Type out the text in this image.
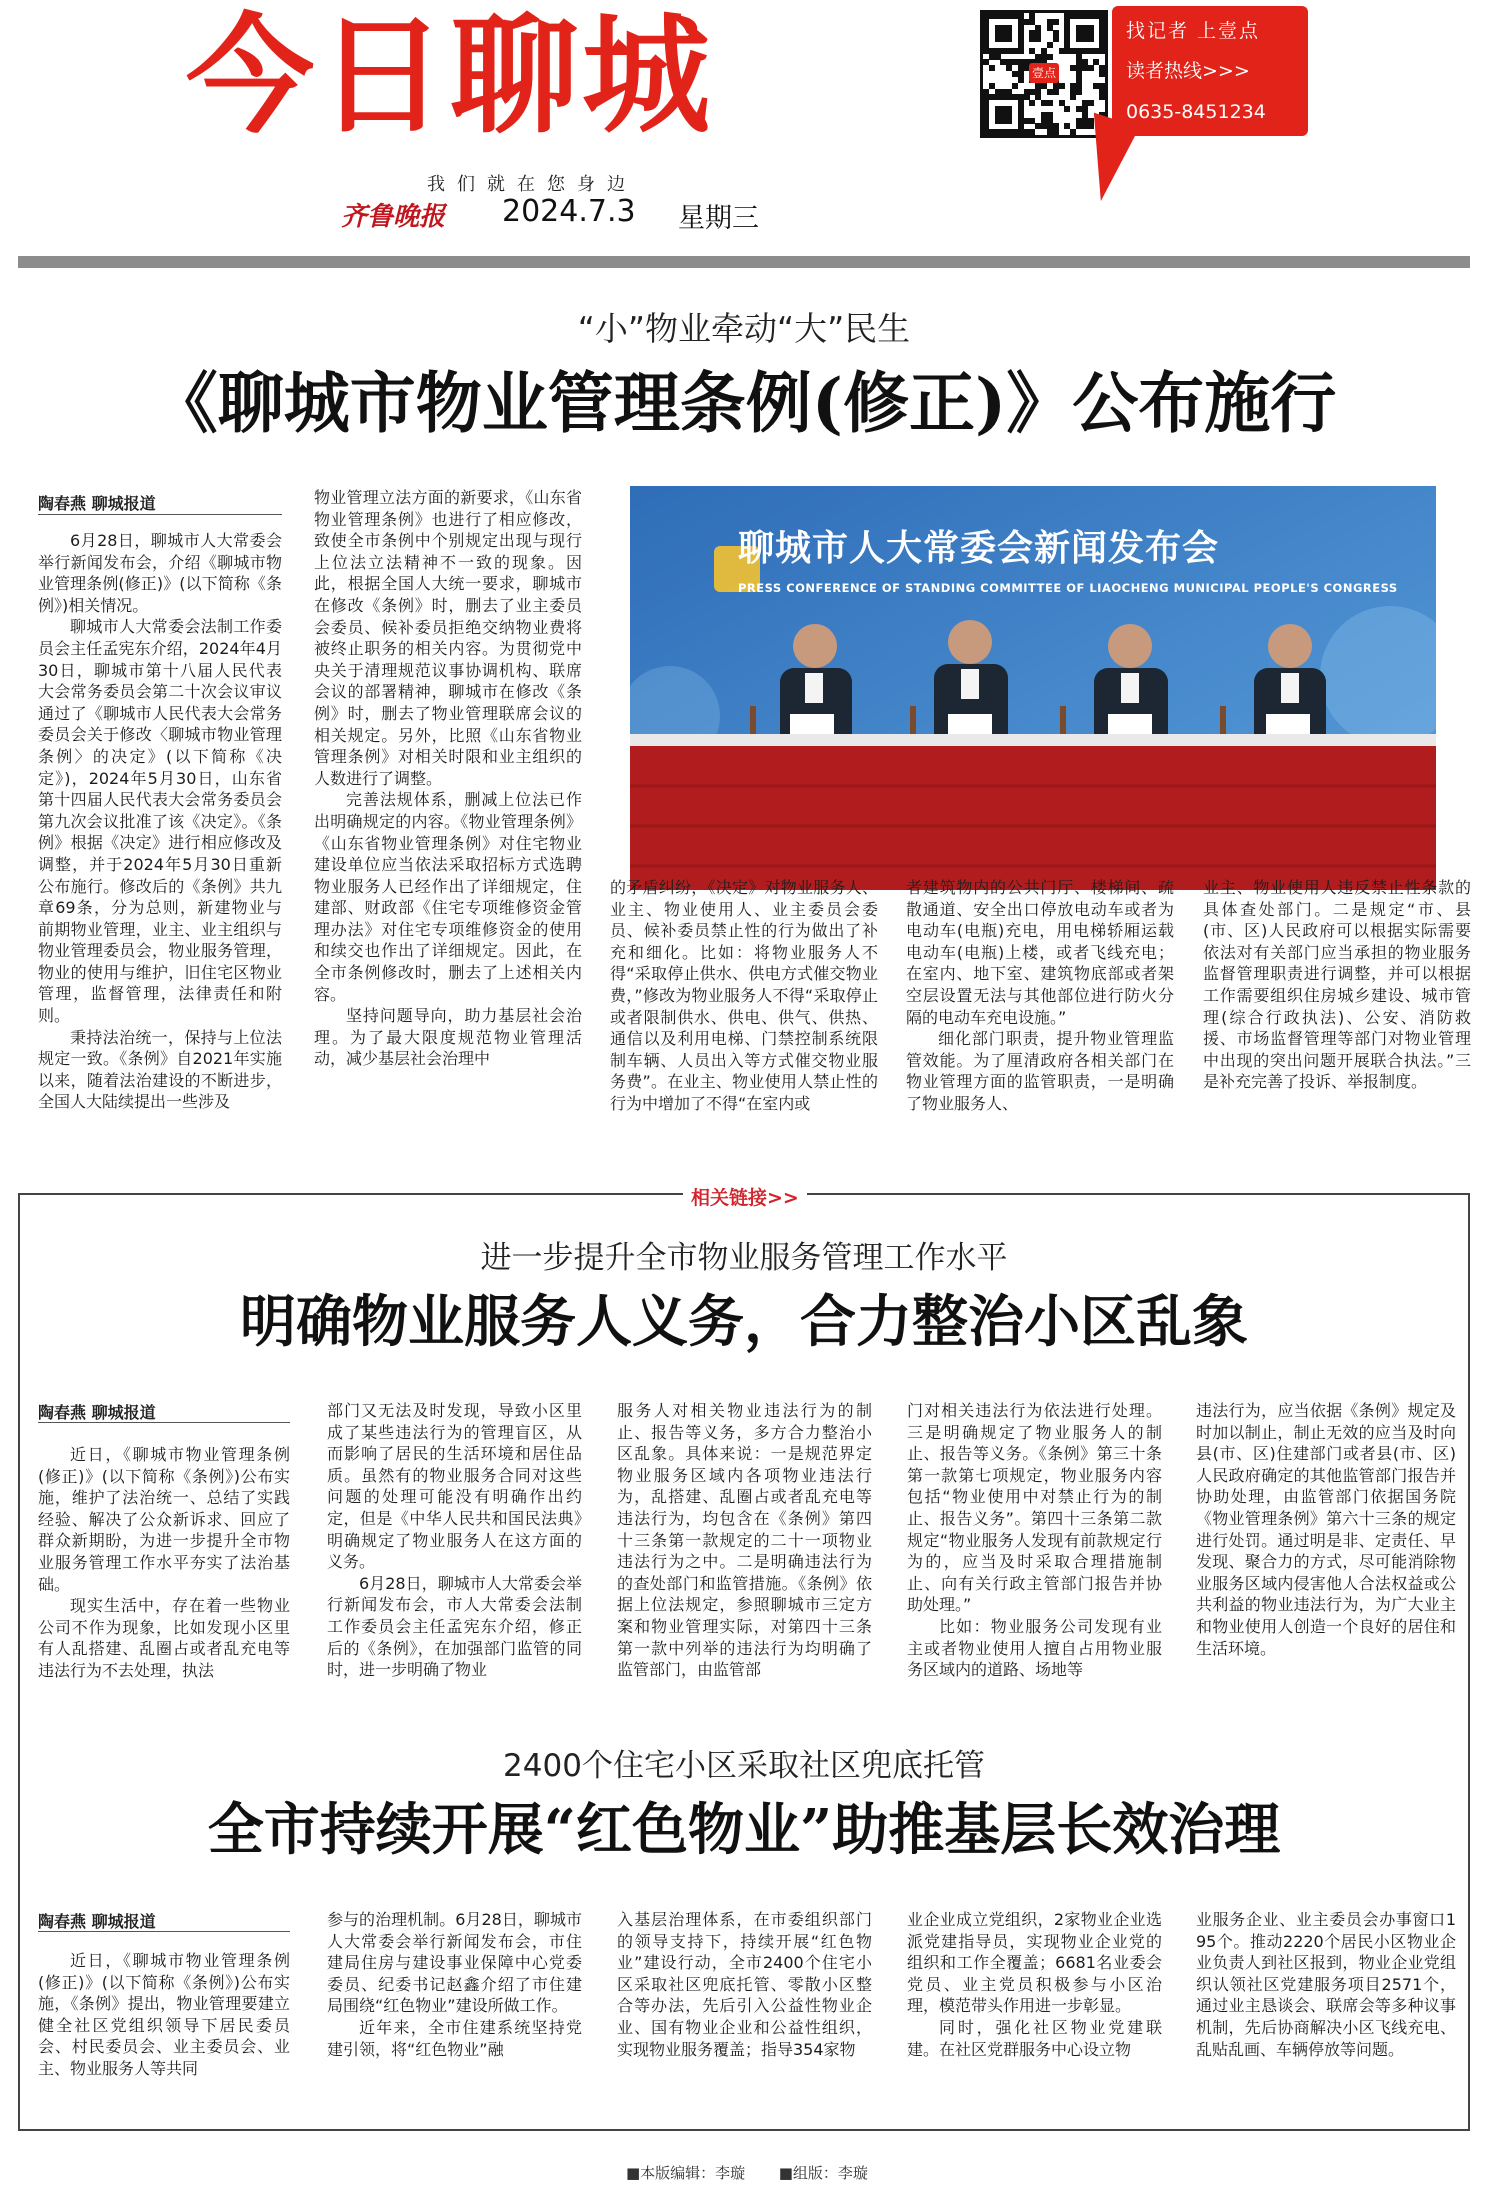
今日聊城	壹点
找记者 上壹点
读者热线>>>
0635-8451234
我们就在您身边
齐鲁晚报 2024.7.3 星期三
“小”物业牵动“大”民生
《聊城市物业管理条例(修正)》公布施行
陶春燕 聊城报道

6月28日，聊城市人大常委会举行新闻发布会，介绍《聊城市物业管理条例(修正)》(以下简称《条例》)相关情况。

聊城市人大常委会法制工作委员会主任孟宪东介绍，2024年4月30日，聊城市第十八届人民代表大会常务委员会第二十次会议审议通过了《聊城市人民代表大会常务委员会关于修改〈聊城市物业管理条例〉的决定》(以下简称《决定》)，2024年5月30日，山东省第十四届人民代表大会常务委员会第九次会议批准了该《决定》。《条例》根据《决定》进行相应修改及调整，并于2024年5月30日重新公布施行。修改后的《条例》共九章69条，分为总则，新建物业与前期物业管理，业主、业主组织与物业管理委员会，物业服务管理，物业的使用与维护，旧住宅区物业管理，监督管理，法律责任和附则。

秉持法治统一，保持与上位法规定一致。《条例》自2021年实施以来，随着法治建设的不断进步，全国人大陆续提出一些涉及

物业管理立法方面的新要求，《山东省物业管理条例》也进行了相应修改，致使全市条例中个别规定出现与现行上位法立法精神不一致的现象。因此，根据全国人大统一要求，聊城市在修改《条例》时，删去了业主委员会委员、候补委员拒绝交纳物业费将被终止职务的相关内容。为贯彻党中央关于清理规范议事协调机构、联席会议的部署精神，聊城市在修改《条例》时，删去了物业管理联席会议的相关规定。另外，比照《山东省物业管理条例》对相关时限和业主组织的人数进行了调整。

完善法规体系，删减上位法已作出明确规定的内容。《物业管理条例》《山东省物业管理条例》对住宅物业建设单位应当依法采取招标方式选聘物业服务人已经作出了详细规定，住建部、财政部《住宅专项维修资金管理办法》对住宅专项维修资金的使用和续交也作出了详细规定。因此，在全市条例修改时，删去了上述相关内容。

坚持问题导向，助力基层社会治理。为了最大限度规范物业管理活动，减少基层社会治理中

聊城市人大常委会新闻发布会
PRESS CONFERENCE OF STANDING COMMITTEE OF LIAOCHENG MUNICIPAL PEOPLE'S CONGRESS

的矛盾纠纷，《决定》对物业服务人、业主、物业使用人、业主委员会委员、候补委员禁止性的行为做出了补充和细化。比如：将物业服务人不得“采取停止供水、供电方式催交物业费，”修改为物业服务人不得“采取停止或者限制供水、供电、供气、供热、通信以及利用电梯、门禁控制系统限制车辆、人员出入等方式催交物业服务费”。在业主、物业使用人禁止性的行为中增加了不得“在室内或

者建筑物内的公共门厅、楼梯间、疏散通道、安全出口停放电动车或者为电动车(电瓶)充电，用电梯轿厢运载电动车(电瓶)上楼，或者飞线充电；在室内、地下室、建筑物底部或者架空层设置无法与其他部位进行防火分隔的电动车充电设施。”

细化部门职责，提升物业管理监管效能。为了厘清政府各相关部门在物业管理方面的监管职责，一是明确了物业服务人、

业主、物业使用人违反禁止性条款的具体查处部门。二是规定“市、县(市、区)人民政府可以根据实际需要依法对有关部门应当承担的物业服务监督管理职责进行调整，并可以根据工作需要组织住房城乡建设、城市管理(综合行政执法)、公安、消防救援、市场监督管理等部门对物业管理中出现的突出问题开展联合执法。”三是补充完善了投诉、举报制度。

相关链接>>
进一步提升全市物业服务管理工作水平
明确物业服务人义务，合力整治小区乱象
陶春燕 聊城报道

近日，《聊城市物业管理条例(修正)》(以下简称《条例》)公布实施，维护了法治统一、总结了实践经验、解决了公众新诉求、回应了群众新期盼，为进一步提升全市物业服务管理工作水平夯实了法治基础。

现实生活中，存在着一些物业公司不作为现象，比如发现小区里有人乱搭建、乱圈占或者乱充电等违法行为不去处理，执法

部门又无法及时发现，导致小区里成了某些违法行为的管理盲区，从而影响了居民的生活环境和居住品质。虽然有的物业服务合同对这些问题的处理可能没有明确作出约定，但是《中华人民共和国民法典》明确规定了物业服务人在这方面的义务。

6月28日，聊城市人大常委会举行新闻发布会，市人大常委会法制工作委员会主任孟宪东介绍，修正后的《条例》，在加强部门监管的同时，进一步明确了物业

服务人对相关物业违法行为的制止、报告等义务，多方合力整治小区乱象。具体来说：一是规范界定物业服务区域内各项物业违法行为，乱搭建、乱圈占或者乱充电等违法行为，均包含在《条例》第四十三条第一款规定的二十一项物业违法行为之中。二是明确违法行为的查处部门和监管措施。《条例》依据上位法规定，参照聊城市三定方案和物业管理实际，对第四十三条第一款中列举的违法行为均明确了监管部门，由监管部

门对相关违法行为依法进行处理。三是明确规定了物业服务人的制止、报告等义务。《条例》第三十条第一款第七项规定，物业服务内容包括“物业使用中对禁止行为的制止、报告义务”。第四十三条第二款规定“物业服务人发现有前款规定行为的，应当及时采取合理措施制止、向有关行政主管部门报告并协助处理。”

比如：物业服务公司发现有业主或者物业使用人擅自占用物业服务区域内的道路、场地等

违法行为，应当依据《条例》规定及时加以制止，制止无效的应当及时向县(市、区)住建部门或者县(市、区)人民政府确定的其他监管部门报告并协助处理，由监管部门依据国务院《物业管理条例》第六十三条的规定进行处罚。通过明是非、定责任、早发现、聚合力的方式，尽可能消除物业服务区域内侵害他人合法权益或公共利益的物业违法行为，为广大业主和物业使用人创造一个良好的居住和生活环境。

2400个住宅小区采取社区兜底托管
全市持续开展“红色物业”助推基层长效治理
陶春燕 聊城报道

近日，《聊城市物业管理条例(修正)》(以下简称《条例》)公布实施，《条例》提出，物业管理要建立健全社区党组织领导下居民委员会、村民委员会、业主委员会、业主、物业服务人等共同

参与的治理机制。6月28日，聊城市人大常委会举行新闻发布会，市住建局住房与建设事业保障中心党委委员、纪委书记赵鑫介绍了市住建局围绕“红色物业”建设所做工作。

近年来，全市住建系统坚持党建引领，将“红色物业”融

入基层治理体系，在市委组织部门的领导支持下，持续开展“红色物业”建设行动，全市2400个住宅小区采取社区兜底托管、零散小区整合等办法，先后引入公益性物业企业、国有物业企业和公益性组织，实现物业服务覆盖；指导354家物

业企业成立党组织，2家物业企业选派党建指导员，实现物业企业党的组织和工作全覆盖；6681名业委会党员、业主党员积极参与小区治理，模范带头作用进一步彰显。

同时，强化社区物业党建联建。在社区党群服务中心设立物

业服务企业、业主委员会办事窗口195个。推动2220个居民小区物业企业负责人到社区报到，物业企业党组织认领社区党建服务项目2571个，通过业主恳谈会、联席会等多种议事机制，先后协商解决小区飞线充电、乱贴乱画、车辆停放等问题。

■本版编辑：李璇 ■组版：李璇
